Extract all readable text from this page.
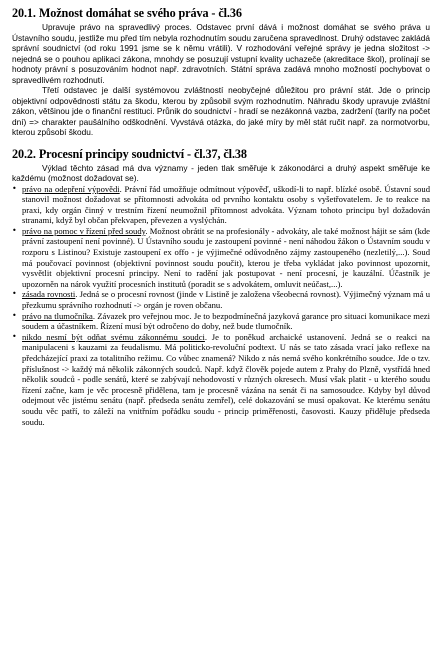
20.1. Možnost domáhat se svého práva - čl.36

Upravuje právo na spravedlivý proces. Odstavec první dává i možnost domáhat se svého práva u Ústavního soudu, jestliže mu před tím nebyla rozhodnutím soudu zaručena spravedlnost. Druhý odstavec zakládá správní soudnictví (od roku 1991 jsme se k němu vrátili). V rozhodování veřejné správy je jedna složitost -> nejedná se o pouhou aplikaci zákona, mnohdy se posuzují vstupní kvality uchazeče (akreditace škol), prolínají se hodnoty právní s posuzováním hodnot např. zdravotních. Státní správa zadává mnoho možností pochybovat o spravedlivém rozhodnutí.

Třetí odstavec je další systémovou zvláštností neobyčejné důležitou pro právní stát. Jde o princip objektivní odpovědnosti státu za škodu, kterou by způsobil svým rozhodnutím. Náhradu škody upravuje zvláštní zákon, většinou jde o finanční restituci. Průnik do soudnictví - hradí se nezákonná vazba, zadržení (tarify na počet dní) => charakter paušálního odškodnění. Vyvstává otázka, do jaké míry by měl stát ručit např. za normotvorbu, kterou způsobí škodu.

20.2. Procesní principy soudnictví - čl.37, čl.38

Výklad těchto zásad má dva významy - jeden tlak směřuje k zákonodárci a druhý aspekt směřuje ke každému (možnost dožadovat se).

• právo na odepření výpovědi. Právní řád umožňuje odmítnout výpověď, uškodí-li to např. blízké osobě. Ústavní soud stanovil možnost dožadovat se přítomnosti advokáta od prvního kontaktu osoby s vyšetřovatelem. Je to reakce na praxi, kdy orgán činný v trestním řízení neumožnil přítomnost advokáta. Význam tohoto principu byl dožadován stranami, když byl občan překvapen, převezen a vyslýchán.

• právo na pomoc v řízení před soudy. Možnost obrátit se na profesionály - advokáty, ale také možnost hájit se sám (kde právní zastoupení není povinné). U Ústavního soudu je zastoupení povinné - není náhodou žákon o Ústavním soudu v rozporu s Listinou? Existuje zastoupení ex offo - je výjimečné odůvodněno zájmy zastoupeného (nezletilý,...). Soud má poučovací povinnost (objektivní povinnost soudu poučit), kterou je třeba vykládat jako povinnost upozornit, vysvětlit objektivní procesní principy. Není to radění jak postupovat - není procesní, je kauzální. Účastník je upozorněn na nárok využití procesních institutů (poradit se s advokátem, omluvit neúčast,...).

• zásada rovnosti. Jedná se o procesní rovnost (jinde v Listině je založena všeobecná rovnost). Výjimečný význam má u přezkumu správního rozhodnutí -> orgán je roven občanu.

• právo na tlumočníka. Závazek pro veřejnou moc. Je to bezpodmínečná jazyková garance pro situaci komunikace mezi soudem a účastníkem. Řízení musí být odročeno do doby, než bude tlumočník.

• nikdo nesmí být odňat svému zákonnému soudci. Je to poněkud archaické ustanovení. Jedná se o reakci na manipulaceni s kauzami za feudalismu. Má politicko-revoluční podtext. U nás se tato zásada vrací jako reflexe na předcházející praxi za totalitního režimu. Co vůbec znamená? Nikdo z nás nemá svého konkrétního soudce. Jde o tzv. příslušnost -> každý má několik zákonných soudců. Např. když člověk pojede autem z Prahy do Plzně, vystřídá hned několik soudců - podle senátů, které se zabývají nehodovostí v různých okresech. Musí však platit - u kterého soudu řízení začne, kam je věc procesně přidělena, tam je procesně vázána na senát či na samosoudce. Kdyby byl důvod odejmout věc jistému senátu (např. předseda senátu zemřel), celé dokazování se musí opakovat. Ke kterému senátu soudu věc patří, to záleží na vnitřním pořádku soudu - princip priměřenosti, časovosti. Kauzy přiděluje předseda soudu.
